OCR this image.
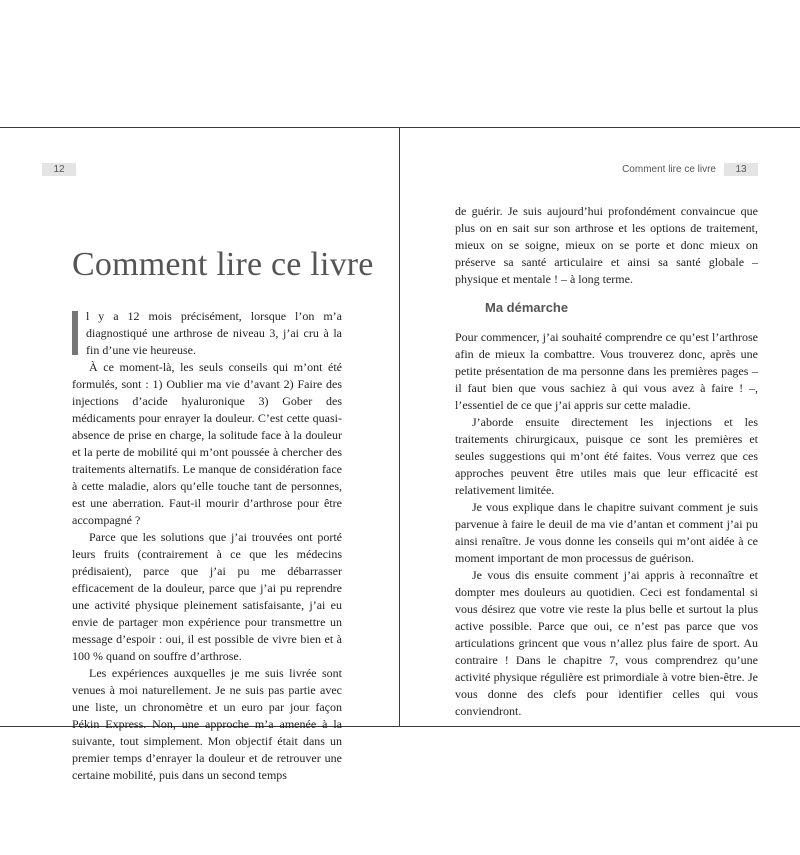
12
Comment lire ce livre

l y a 12 mois précisément, lorsque l’on m’a diagnostiqué une arthrose de niveau 3, j’ai cru à la fin d’une vie heureuse.

À ce moment-là, les seuls conseils qui m’ont été formulés, sont : 1) Oublier ma vie d’avant 2) Faire des injections d’acide hyaluronique 3) Gober des médicaments pour enrayer la douleur. C’est cette quasi-absence de prise en charge, la solitude face à la douleur et la perte de mobilité qui m’ont poussée à chercher des traitements alternatifs. Le manque de considération face à cette maladie, alors qu’elle touche tant de personnes, est une aberration. Faut-il mourir d’arthrose pour être accompagné ?

Parce que les solutions que j’ai trouvées ont porté leurs fruits (contrairement à ce que les médecins prédisaient), parce que j’ai pu me débarrasser efficacement de la douleur, parce que j’ai pu reprendre une activité physique pleinement satisfaisante, j’ai eu envie de partager mon expérience pour transmettre un message d’espoir : oui, il est possible de vivre bien et à 100 % quand on souffre d’arthrose.

Les expériences auxquelles je me suis livrée sont venues à moi naturellement. Je ne suis pas partie avec une liste, un chronomètre et un euro par jour façon Pékin Express. Non, une approche m’a amenée à la suivante, tout simplement. Mon objectif était dans un premier temps d’enrayer la douleur et de retrouver une certaine mobilité, puis dans un second temps

Comment lire ce livre 13

de guérir. Je suis aujourd’hui profondément convaincue que plus on en sait sur son arthrose et les options de traitement, mieux on se soigne, mieux on se porte et donc mieux on préserve sa santé articulaire et ainsi sa santé globale – physique et mentale ! – à long terme.

Ma démarche

Pour commencer, j’ai souhaité comprendre ce qu’est l’arthrose afin de mieux la combattre. Vous trouverez donc, après une petite présentation de ma personne dans les premières pages – il faut bien que vous sachiez à qui vous avez à faire ! –, l’essentiel de ce que j’ai appris sur cette maladie.

J’aborde ensuite directement les injections et les traitements chirurgicaux, puisque ce sont les premières et seules suggestions qui m’ont été faites. Vous verrez que ces approches peuvent être utiles mais que leur efficacité est relativement limitée.

Je vous explique dans le chapitre suivant comment je suis parvenue à faire le deuil de ma vie d’antan et comment j’ai pu ainsi renaître. Je vous donne les conseils qui m’ont aidée à ce moment important de mon processus de guérison.

Je vous dis ensuite comment j’ai appris à reconnaître et dompter mes douleurs au quotidien. Ceci est fondamental si vous désirez que votre vie reste la plus belle et surtout la plus active possible. Parce que oui, ce n’est pas parce que vos articulations grincent que vous n’allez plus faire de sport. Au contraire ! Dans le chapitre 7, vous comprendrez qu’une activité physique régulière est primordiale à votre bien-être. Je vous donne des clefs pour identifier celles qui vous conviendront.
